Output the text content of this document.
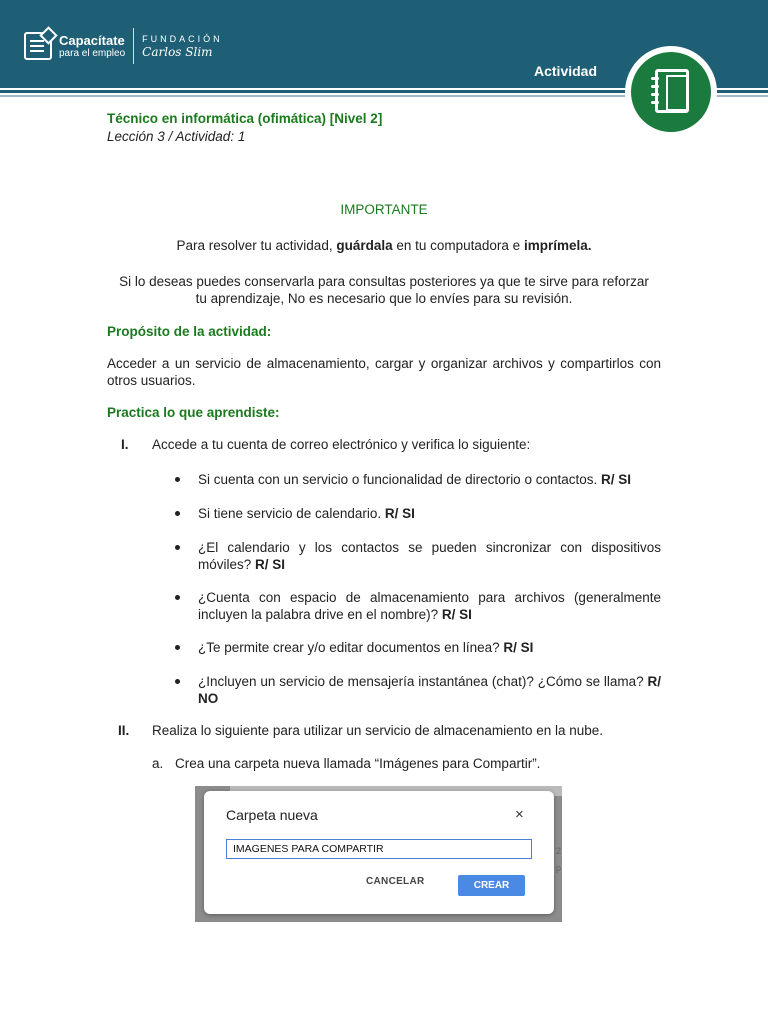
Capacítate
para el empleo
FUNDACIÓN
Carlos Slim
Actividad
Técnico en informática (ofimática) [Nivel 2]
Lección 3 / Actividad: 1
IMPORTANTE
Para resolver tu actividad, guárdala en tu computadora e imprímela.
Si lo deseas puedes conservarla para consultas posteriores ya que te sirve para reforzar
tu aprendizaje, No es necesario que lo envíes para su revisión.
Propósito de la actividad:
Acceder a un servicio de almacenamiento, cargar y organizar archivos y compartirlos con otros usuarios.
Practica lo que aprendiste:
I. Accede a tu cuenta de correo electrónico y verifica lo siguiente:
Si cuenta con un servicio o funcionalidad de directorio o contactos. R/ SI
Si tiene servicio de calendario. R/ SI
¿El calendario y los contactos se pueden sincronizar con dispositivos móviles? R/ SI
¿Cuenta con espacio de almacenamiento para archivos (generalmente incluyen la palabra drive en el nombre)? R/ SI
¿Te permite crear y/o editar documentos en línea? R/ SI
¿Incluyen un servicio de mensajería instantánea (chat)? ¿Cómo se llama? R/ NO
II. Realiza lo siguiente para utilizar un servicio de almacenamiento en la nube.
a. Crea una carpeta nueva llamada “Imágenes para Compartir”.
2
p
Carpeta nueva	×
IMAGENES PARA COMPARTIR
CANCELAR	CREAR
